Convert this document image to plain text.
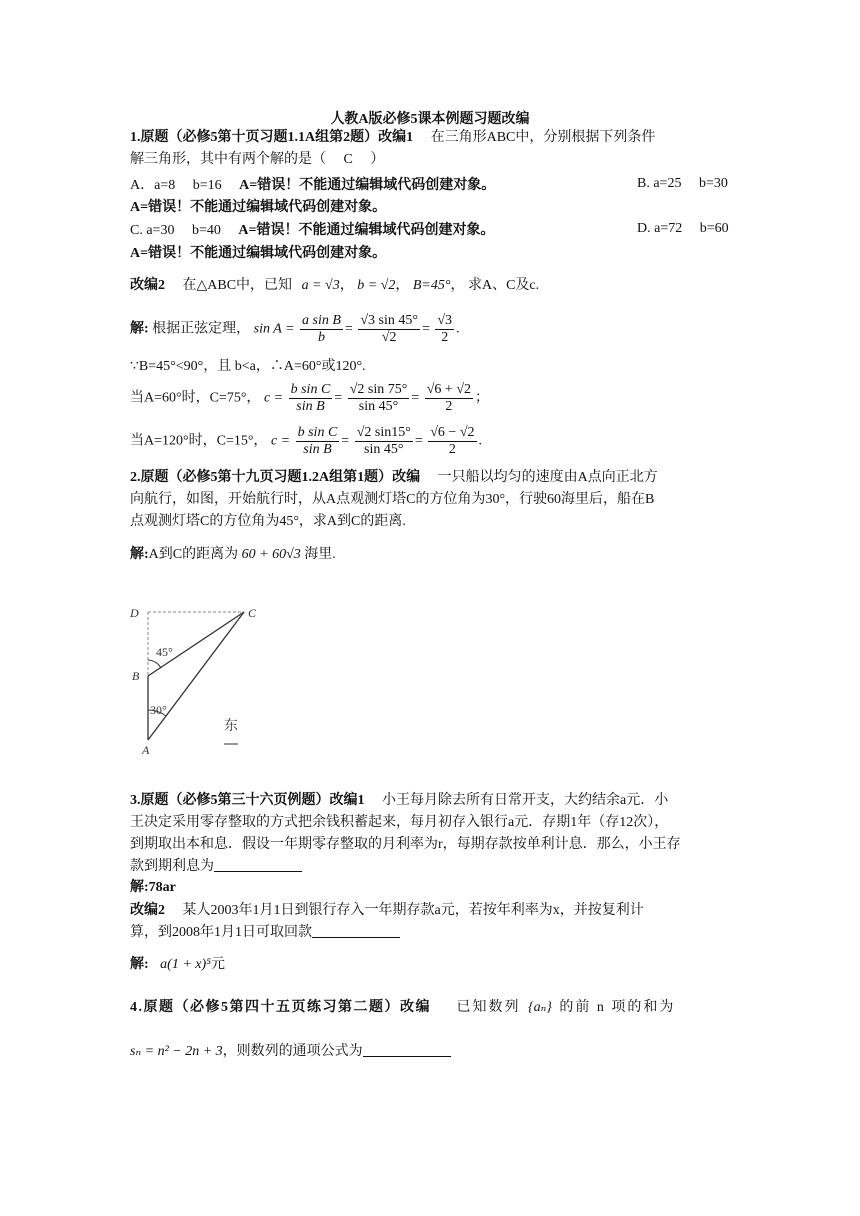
人教A版必修5课本例题习题改编
1.原题（必修5第十页习题1.1A组第2题）改编1 在三角形ABC中，分别根据下列条件
解三角形，其中有两个解的是（ C ）
A．a=8 b=16 A=错误！不能通过编辑域代码创建对象。	B. a=25 b=30
A=错误！不能通过编辑域代码创建对象。
C. a=30 b=40 A=错误！不能通过编辑域代码创建对象。	D. a=72 b=60
A=错误！不能通过编辑域代码创建对象。
改编2 在△ABC中，已知 a = √3， b = √2， B=45°， 求A、C及c.
解: 根据正弦定理， $\sin A = \frac{\text{a sin B}}{b} = \frac{√3 \sin 45^\circ}{√2} = \frac{√3}{2}$ .
∵B=45°<90°，且 b<a，∴A=60°或120°.
当A=60°时，C=75°， $c = \frac{\text{b sin C}}{\text{sin B}} = \frac{√2 \sin 75^\circ}{\sin 45^\circ} = \frac{√6 + √2}{2}$ ；
当A=120°时，C=15°， $c = \frac{\text{b sin C}}{\text{sin B}} = \frac{√2 \sin 15^\circ}{\sin 45^\circ} = \frac{√6 - √2}{2}$ .
2.原题（必修5第十九页习题1.2A组第1题）改编 一只船以均匀的速度由A点向正北方
向航行，如图，开始航行时，从A点观测灯塔C的方位角为30°，行驶60海里后，船在B
点观测灯塔C的方位角为45°，求A到C的距离.
解:A到C的距离为 60 + 60√3 海里.
D	C
B
A
45°
30°
东
3.原题（必修5第三十六页例题）改编1 小王每月除去所有日常开支，大约结余a元．小
王决定采用零存整取的方式把余钱积蓄起来，每月初存入银行a元．存期1年（存12次），
到期取出本和息．假设一年期零存整取的月利率为r，每期存款按单利计息．那么，小王存
款到期利息为
解:78ar
改编2 某人2003年1月1日到银行存入一年期存款a元，若按年利率为x，并按复利计
算，到2008年1月1日可取回款
解: a(1 + x)⁵元
4.原题（必修5第四十五页练习第二题）改编 已知数列 {aₙ} 的前 n 项的和为
sₙ = n² − 2n + 3，则数列的通项公式为
